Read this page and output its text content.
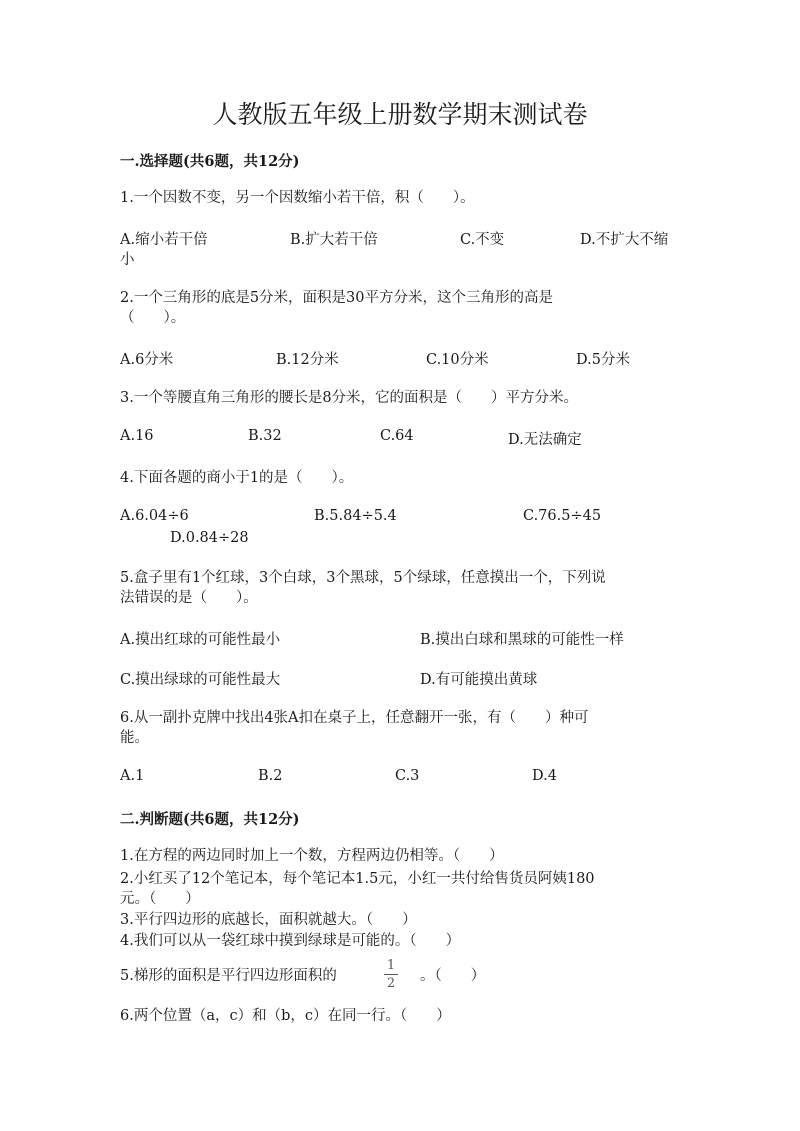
人教版五年级上册数学期末测试卷
一.选择题(共6题，共12分)
1.一个因数不变，另一个因数缩小若干倍，积（　　）。
A.缩小若干倍	B.扩大若干倍	C.不变	D.不扩大不缩
小
2.一个三角形的底是5分米，面积是30平方分米，这个三角形的高是
（　　）。
A.6分米	B.12分米	C.10分米	D.5分米
3.一个等腰直角三角形的腰长是8分米，它的面积是（　　）平方分米。
A.16	B.32	C.64	D.无法确定
4.下面各题的商小于1的是（　　）。
A.6.04÷6	B.5.84÷5.4	C.76.5÷45
D.0.84÷28
5.盒子里有1个红球，3个白球，3个黑球，5个绿球，任意摸出一个，下列说
法错误的是（　　）。
A.摸出红球的可能性最小	B.摸出白球和黑球的可能性一样
C.摸出绿球的可能性最大	D.有可能摸出黄球
6.从一副扑克牌中找出4张A扣在桌子上，任意翻开一张，有（　　）种可
能。
A.1	B.2	C.3	D.4
二.判断题(共6题，共12分)
1.在方程的两边同时加上一个数，方程两边仍相等。（　　）
2.小红买了12个笔记本，每个笔记本1.5元，小红一共付给售货员阿姨180
元。（　　）
3.平行四边形的底越长，面积就越大。（　　）
4.我们可以从一袋红球中摸到绿球是可能的。（　　）
5.梯形的面积是平行四边形面积的
1
2	。（　　）
6.两个位置（a，c）和（b，c）在同一行。（　　）
